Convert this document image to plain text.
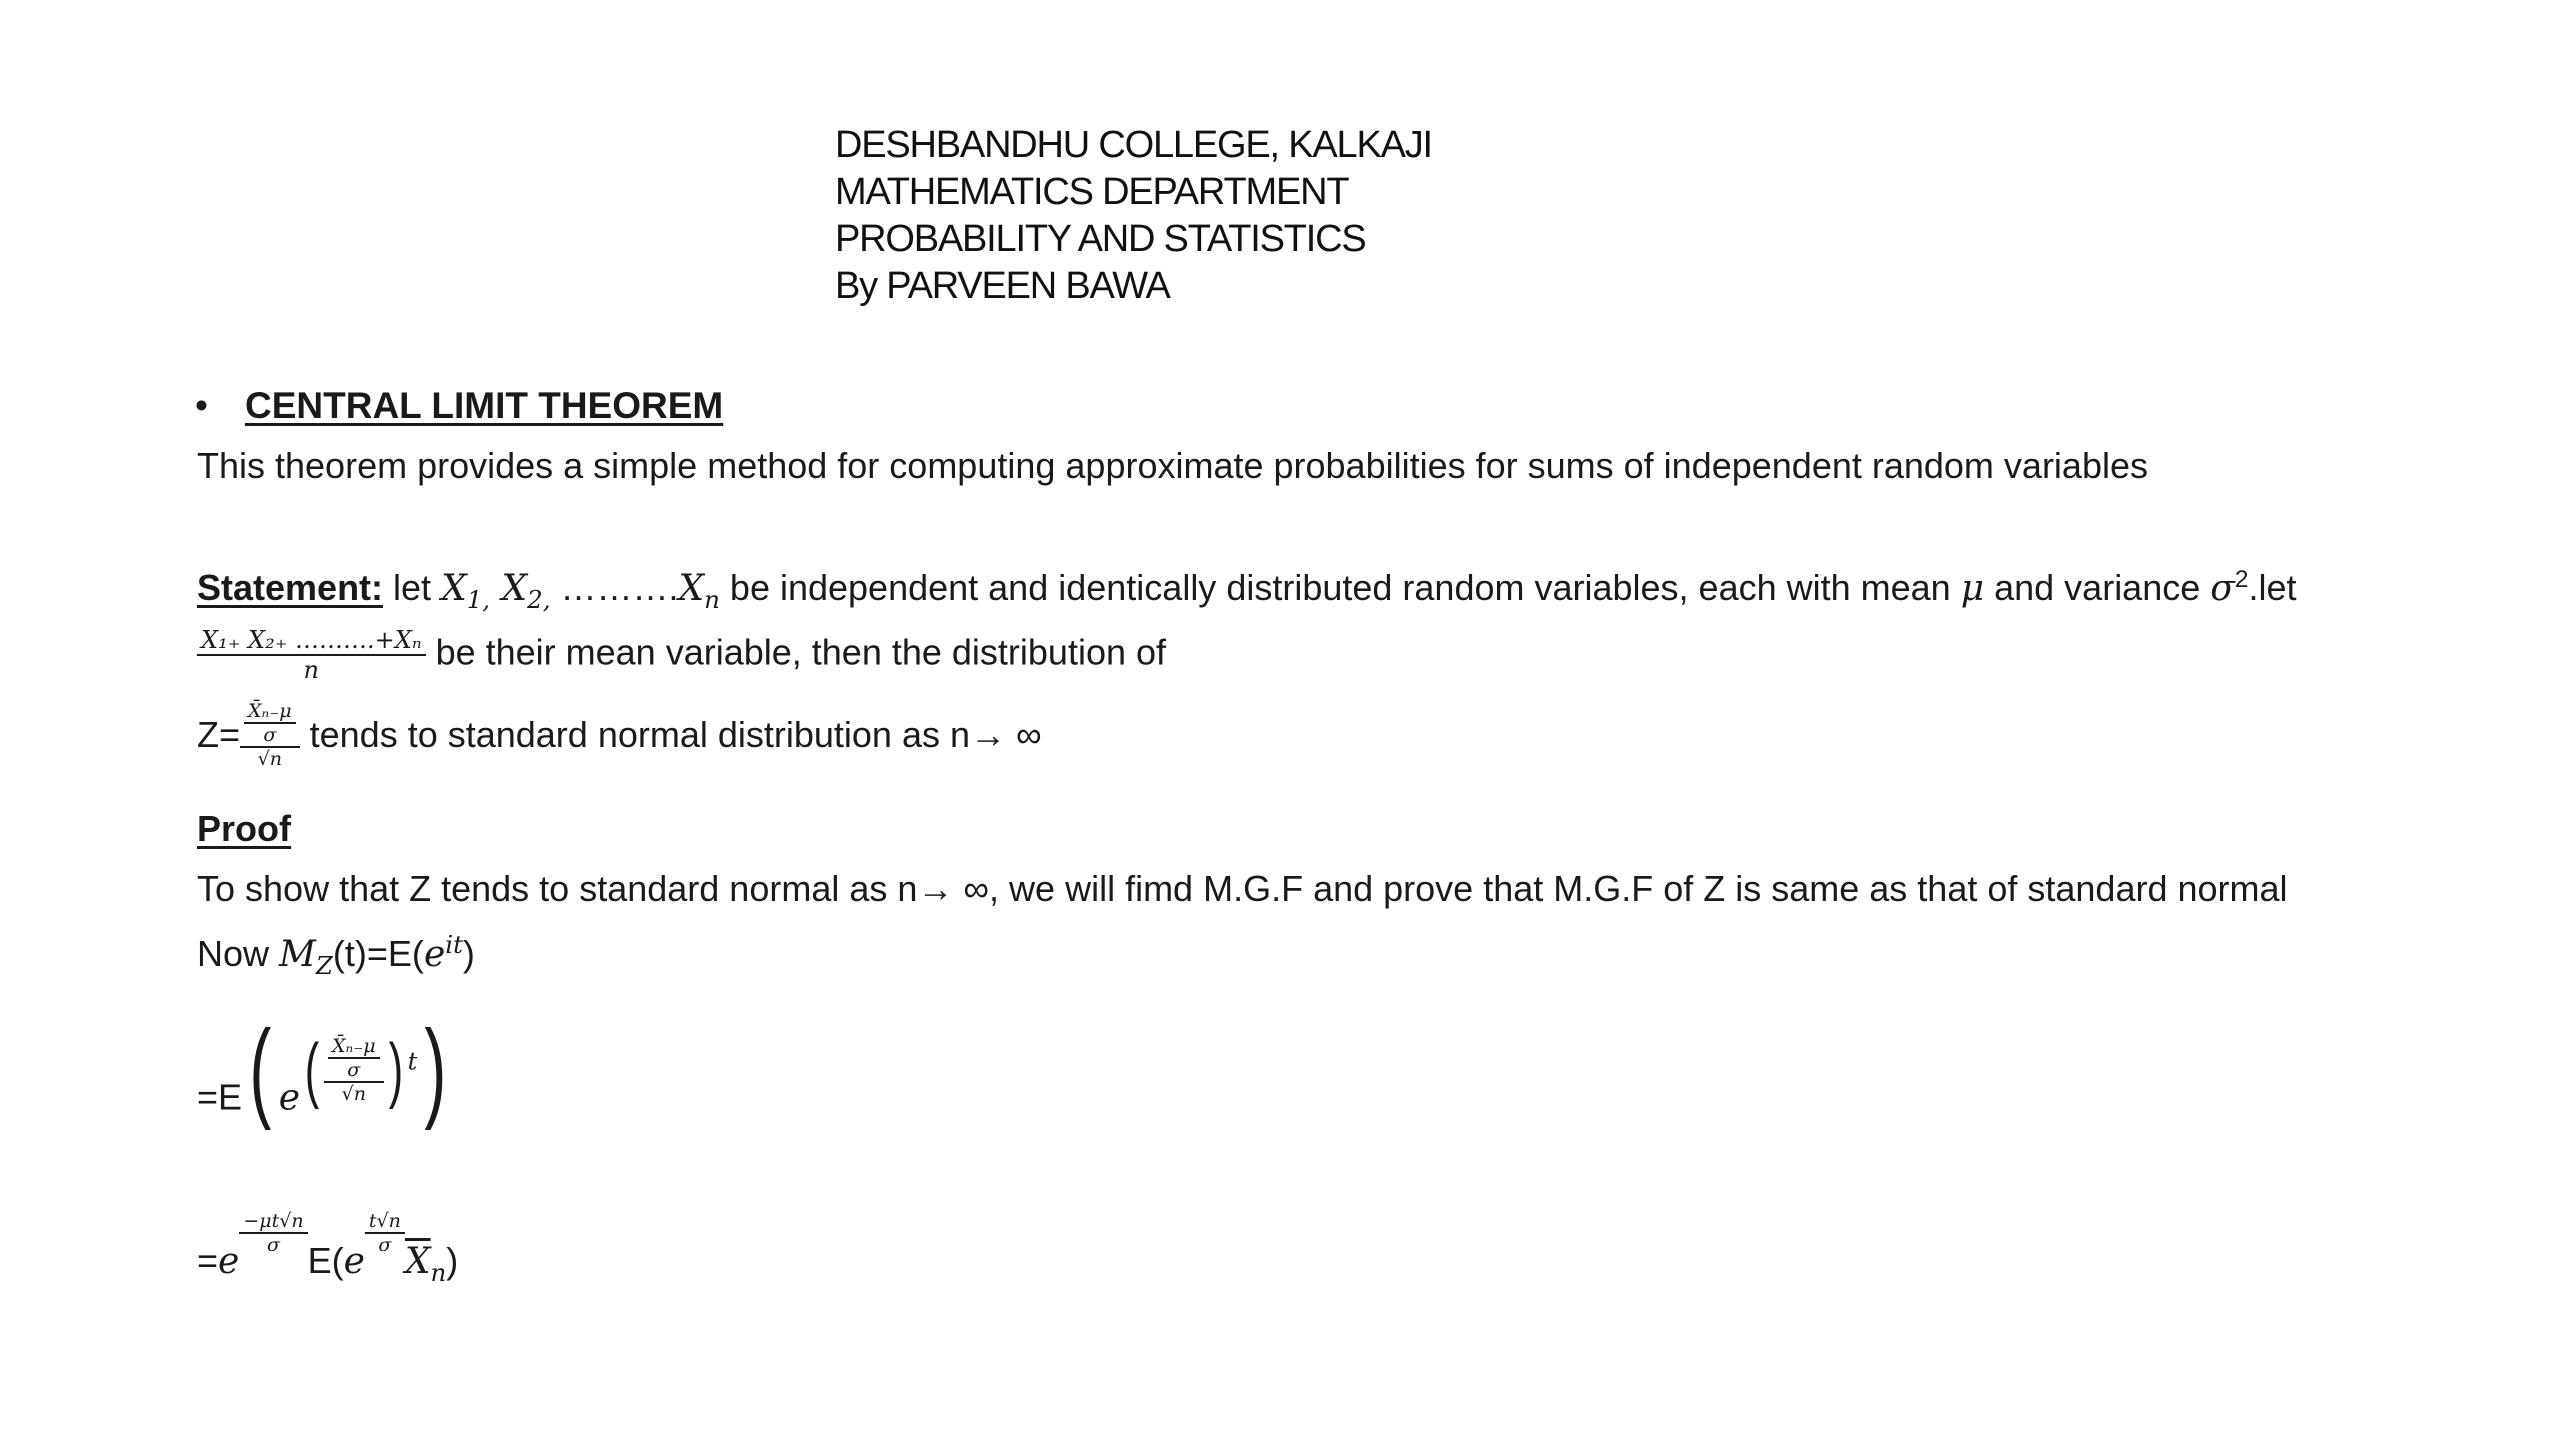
DESHBANDHU COLLEGE, KALKAJI
MATHEMATICS DEPARTMENT
PROBABILITY AND STATISTICS
By PARVEEN BAWA
• CENTRAL LIMIT THEOREM
This theorem provides a simple method for computing approximate probabilities for sums of independent random variables
Statement: let $X_{1,}$ $X_{2,}$ $\dots\dots\dots.X_n$ be independent and identically distributed random variables, each with mean μ and variance $\sigma^2.let$
$\frac{\text{X₁₊ X₂₊ ……….+Xₙ}}{n}$ be their mean variable, then the distribution of
$Z= \frac{\frac{\text{X̄ₙ₋μ}}{\sigma}}{√n}$ tends to standard normal distribution as n→ ∞
Proof
To show that Z tends to standard normal as n→ ∞, we will fimd M.G.F and prove that M.G.F of Z is same as that of standard normal
Now $M_Z(t)=E(e^{it})$
=E( $e( \frac{\frac{\text{X̄ₙ₋μ}}{\sigma}}{√n}$ ) $^t$)
=e
$\frac{-\mu t√n}{\sigma}$
E(e
$\frac{t√n}{\sigma}$
$\overline{X}_n$)
